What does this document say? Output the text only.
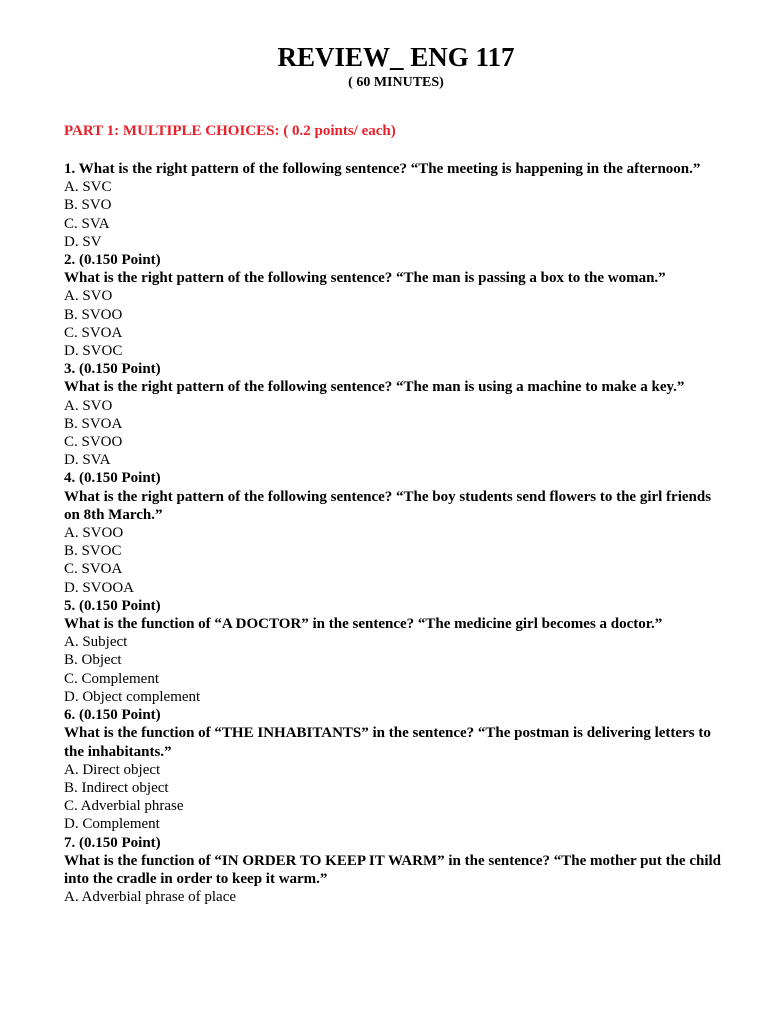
REVIEW_ ENG 117

( 60 MINUTES)

PART 1: MULTIPLE CHOICES: ( 0.2 points/ each)

1. What is the right pattern of the following sentence? “The meeting is happening in the afternoon.”

A. SVC

B. SVO

C. SVA

D. SV

2. (0.150 Point)

What is the right pattern of the following sentence? “The man is passing a box to the woman.”

A. SVO

B. SVOO

C. SVOA

D. SVOC

3. (0.150 Point)

What is the right pattern of the following sentence? “The man is using a machine to make a key.”

A. SVO

B. SVOA

C. SVOO

D. SVA

4. (0.150 Point)

What is the right pattern of the following sentence? “The boy students send flowers to the girl friends on 8th March.”

A. SVOO

B. SVOC

C. SVOA

D. SVOOA

5. (0.150 Point)

What is the function of “A DOCTOR” in the sentence? “The medicine girl becomes a doctor.”

A. Subject

B. Object

C. Complement

D. Object complement

6. (0.150 Point)

What is the function of “THE INHABITANTS” in the sentence? “The postman is delivering letters to the inhabitants.”

A. Direct object

B. Indirect object

C. Adverbial phrase

D. Complement

7. (0.150 Point)

What is the function of “IN ORDER TO KEEP IT WARM” in the sentence? “The mother put the child into the cradle in order to keep it warm.”

A. Adverbial phrase of place
